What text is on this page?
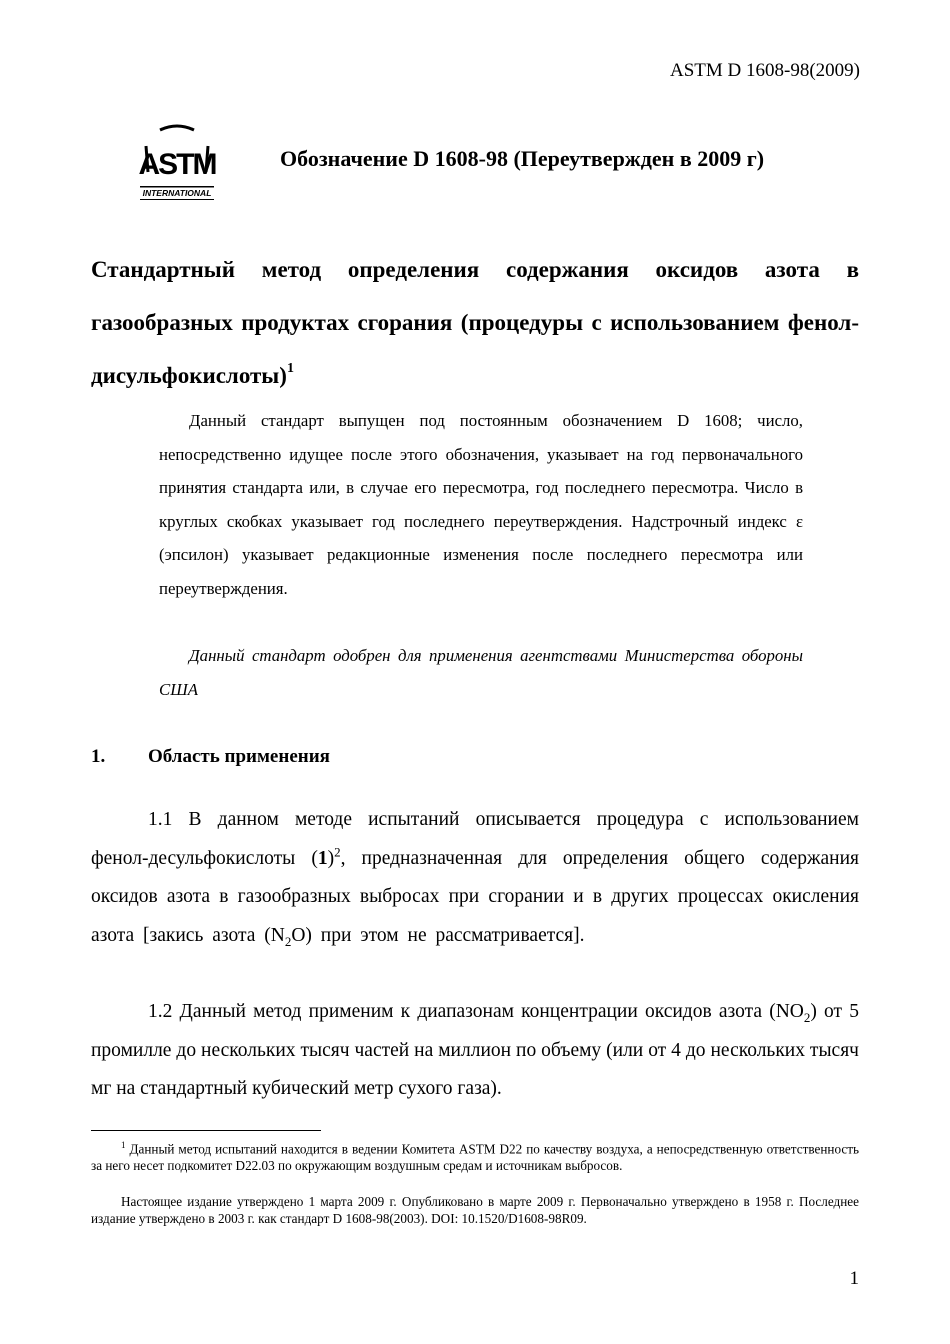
ASTM D 1608-98(2009)
ASTM
INTERNATIONAL
Обозначение D 1608-98 (Переутвержден в 2009 г)
Стандартный метод определения содержания оксидов азота в газообразных продуктах сгорания (процедуры с использованием фенол- дисульфокислоты)$^1$
Данный стандарт выпущен под постоянным обозначением D 1608; число, непосредственно идущее после этого обозначения, указывает на год первоначального принятия стандарта или, в случае его пересмотра, год последнего пересмотра. Число в круглых скобках указывает год последнего переутверждения. Надстрочный индекс ε (эпсилон) указывает редакционные изменения после последнего пересмотра или переутверждения.
Данный стандарт одобрен для применения агентствами Министерства обороны США
1. Область применения
1.1 В данном методе испытаний описывается процедура с использованием фенол-десульфокислоты $(1)^2$, предназначенная для определения общего содержания оксидов азота в газообразных выбросах при сгорании и в других процессах окисления азота [закись азота $(N_2O)$ при этом не рассматривается].
1.2 Данный метод применим к диапазонам концентрации оксидов азота $(NO_2)$ от 5 промилле до нескольких тысяч частей на миллион по объему (или от 4 до нескольких тысяч мг на стандартный кубический метр сухого газа).
$^1$ Данный метод испытаний находится в ведении Комитета ASTM D22 по качеству воздуха, а непосредственную ответственность за него несет подкомитет D22.03 по окружающим воздушным средам и источникам выбросов.
Настоящее издание утверждено 1 марта 2009 г. Опубликовано в марте 2009 г. Первоначально утверждено в 1958 г. Последнее издание утверждено в 2003 г. как стандарт D 1608-98(2003). DOI: 10.1520/D1608-98R09.
1
